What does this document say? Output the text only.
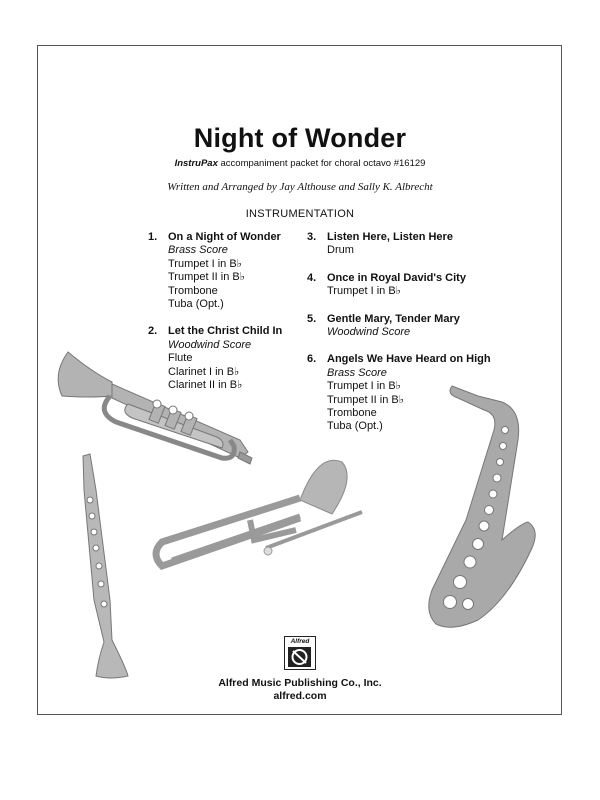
Night of Wonder
InstruPax accompaniment packet for choral octavo #16129
Written and Arranged by Jay Althouse and Sally K. Albrecht
INSTRUMENTATION
1. On a Night of Wonder
Brass Score
Trumpet I in B♭
Trumpet II in B♭
Trombone
Tuba (Opt.)
2. Let the Christ Child In
Woodwind Score
Flute
Clarinet I in B♭
Clarinet II in B♭
3. Listen Here, Listen Here
Drum
4. Once in Royal David's City
Trumpet I in B♭
5. Gentle Mary, Tender Mary
Woodwind Score
6. Angels We Have Heard on High
Brass Score
Trumpet I in B♭
Trumpet II in B♭
Trombone
Tuba (Opt.)
Alfred
Alfred Music Publishing Co., Inc.
alfred.com
